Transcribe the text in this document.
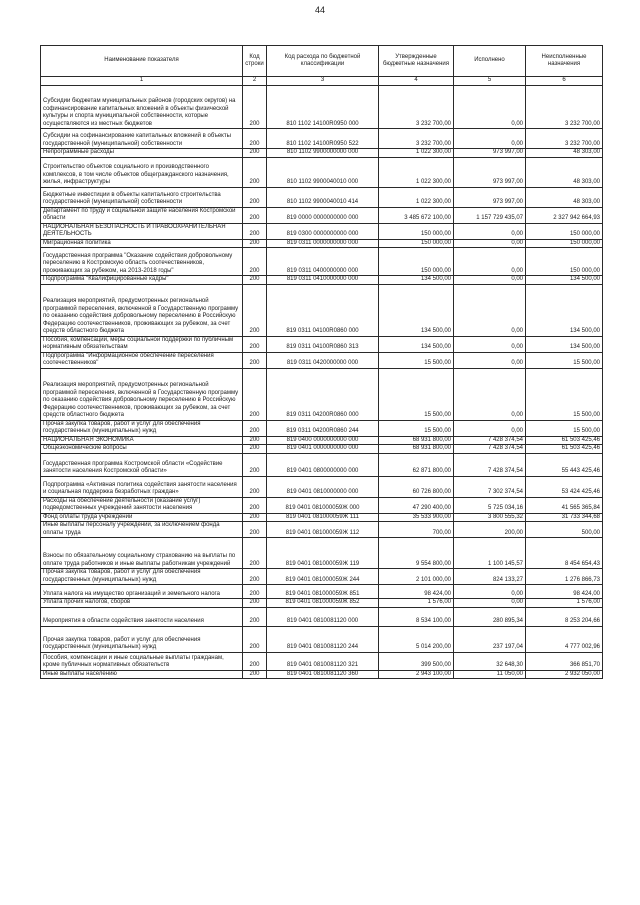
44
Наименование показателя	Код строки	Код расхода по бюджетной классификации	Утвержденные бюджетные назначения	Исполнено	Неисполненные назначения
1	2	3	4	5	6
Субсидии бюджетам муниципальных районов (городских округов) на софинансирование капитальных вложений в объекты физической культуры и спорта муниципальной собственности, которые осуществляются из местных бюджетов	200	810 1102 14100R0950 000	3 232 700,00	0,00	3 232 700,00
Субсидии на софинансирование капитальных вложений в объекты государственной (муниципальной) собственности	200	810 1102 14100R0950 522	3 232 700,00	0,00	3 232 700,00
Непрограммные расходы	200	810 1102 9900000000 000	1 022 300,00	973 997,00	48 303,00
Строительство объектов социального и производственного комплексов, в том числе объектов общегражданского назначения, жилья, инфраструктуры	200	810 1102 9900040010 000	1 022 300,00	973 997,00	48 303,00
Бюджетные инвестиции в объекты капитального строительства государственной (муниципальной) собственности	200	810 1102 9900040010 414	1 022 300,00	973 997,00	48 303,00
Департамент по труду и социальной защите населения Костромской области	200	819 0000 0000000000 000	3 485 672 100,00	1 157 729 435,07	2 327 942 664,93
НАЦИОНАЛЬНАЯ БЕЗОПАСНОСТЬ И ПРАВООХРАНИТЕЛЬНАЯ ДЕЯТЕЛЬНОСТЬ	200	819 0300 0000000000 000	150 000,00	0,00	150 000,00
Миграционная политика	200	819 0311 0000000000 000	150 000,00	0,00	150 000,00
Государственная программа "Оказание содействия добровольному переселению в Костромскую область соотечественников, проживающих за рубежом, на 2013-2018 годы"	200	819 0311 0400000000 000	150 000,00	0,00	150 000,00
Подпрограмма "Квалифицированные кадры"	200	819 0311 0410000000 000	134 500,00	0,00	134 500,00
Реализация мероприятий, предусмотренных региональной программой переселения, включенной в Государственную программу по оказанию содействия добровольному переселению в Российскую Федерацию соотечественников, проживающих за рубежом, за счет средств областного бюджета	200	819 0311 04100R0860 000	134 500,00	0,00	134 500,00
Пособия, компенсации, меры социальной поддержки по публичным нормативным обязательствам	200	819 0311 04100R0860 313	134 500,00	0,00	134 500,00
Подпрограмма "Информационное обеспечение переселения соотечественников"	200	819 0311 0420000000 000	15 500,00	0,00	15 500,00
Реализация мероприятий, предусмотренных региональной программой переселения, включенной в Государственную программу по оказанию содействия добровольному переселению в Российскую Федерацию соотечественников, проживающих за рубежом, за счет средств областного бюджета	200	819 0311 04200R0860 000	15 500,00	0,00	15 500,00
Прочая закупка товаров, работ и услуг для обеспечения государственных (муниципальных) нужд	200	819 0311 04200R0860 244	15 500,00	0,00	15 500,00
НАЦИОНАЛЬНАЯ ЭКОНОМИКА	200	819 0400 0000000000 000	68 931 800,00	7 428 374,54	61 503 425,46
Общеэкономические вопросы	200	819 0401 0000000000 000	68 931 800,00	7 428 374,54	61 503 425,46
Государственная программа Костромской области «Содействие занятости населения Костромской области»	200	819 0401 0800000000 000	62 871 800,00	7 428 374,54	55 443 425,46
Подпрограмма «Активная политика содействия занятости населения и социальная поддержка безработных граждан»	200	819 0401 0810000000 000	60 726 800,00	7 302 374,54	53 424 425,46
Расходы на обеспечение деятельности (оказание услуг) подведомственных учреждений занятости населения	200	819 0401 081000059Ж 000	47 290 400,00	5 725 034,16	41 565 365,84
Фонд оплаты труда учреждений	200	819 0401 081000059Ж 111	35 533 900,00	3 800 555,32	31 733 344,68
Иные выплаты персоналу учреждений, за исключением фонда оплаты труда	200	819 0401 081000059Ж 112	700,00	200,00	500,00
Взносы по обязательному социальному страхованию на выплаты по оплате труда работников и иные выплаты работникам учреждений	200	819 0401 081000059Ж 119	9 554 800,00	1 100 145,57	8 454 654,43
Прочая закупка товаров, работ и услуг для обеспечения государственных (муниципальных) нужд	200	819 0401 081000059Ж 244	2 101 000,00	824 133,27	1 276 866,73
Уплата налога на имущество организаций и земельного налога	200	819 0401 081000059Ж 851	98 424,00	0,00	98 424,00
Уплата прочих налогов, сборов	200	819 0401 081000059Ж 852	1 576,00	0,00	1 576,00
Мероприятия в области содействия занятости населения	200	819 0401 0810081120 000	8 534 100,00	280 895,34	8 253 204,66
Прочая закупка товаров, работ и услуг для обеспечения государственных (муниципальных) нужд	200	819 0401 0810081120 244	5 014 200,00	237 197,04	4 777 002,96
Пособия, компенсации и иные социальные выплаты гражданам, кроме публичных нормативных обязательств	200	819 0401 0810081120 321	399 500,00	32 648,30	366 851,70
Иные выплаты населению	200	819 0401 0810081120 360	2 943 100,00	11 050,00	2 932 050,00
